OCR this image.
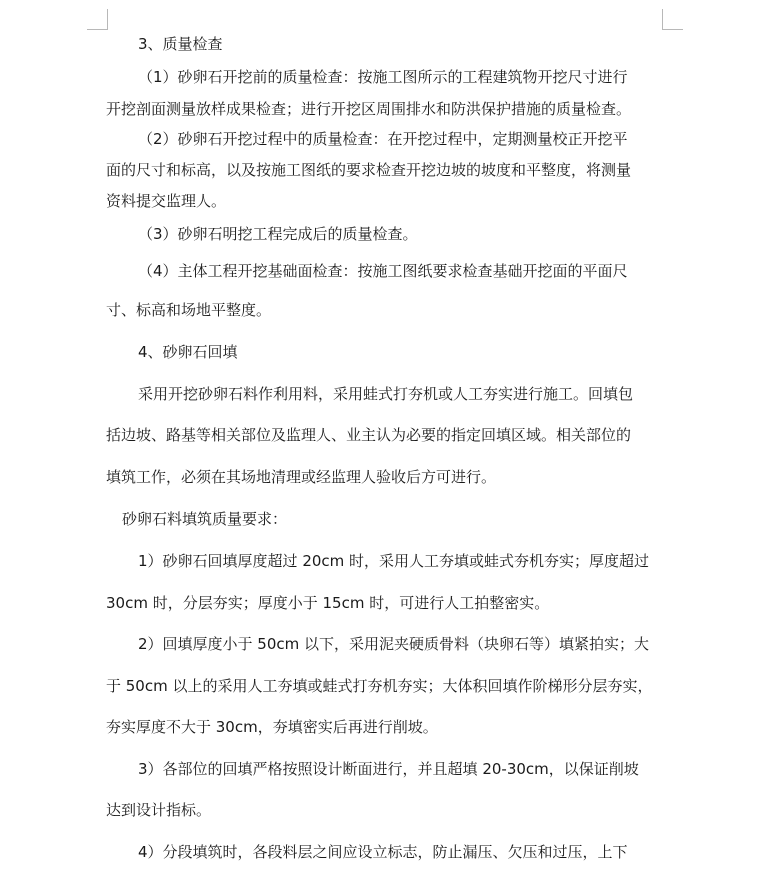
3、质量检查
（1）砂卵石开挖前的质量检查：按施工图所示的工程建筑物开挖尺寸进行
开挖剖面测量放样成果检查；进行开挖区周围排水和防洪保护措施的质量检查。
（2）砂卵石开挖过程中的质量检查：在开挖过程中，定期测量校正开挖平
面的尺寸和标高，以及按施工图纸的要求检查开挖边坡的坡度和平整度，将测量
资料提交监理人。
（3）砂卵石明挖工程完成后的质量检查。
（4）主体工程开挖基础面检查：按施工图纸要求检查基础开挖面的平面尺
寸、标高和场地平整度。
4、砂卵石回填
采用开挖砂卵石料作利用料，采用蛙式打夯机或人工夯实进行施工。回填包
括边坡、路基等相关部位及监理人、业主认为必要的指定回填区域。相关部位的
填筑工作，必须在其场地清理或经监理人验收后方可进行。
砂卵石料填筑质量要求：
1）砂卵石回填厚度超过 20cm 时，采用人工夯填或蛙式夯机夯实；厚度超过
30cm 时，分层夯实；厚度小于 15cm 时，可进行人工拍整密实。
2）回填厚度小于 50cm 以下，采用泥夹硬质骨料（块卵石等）填紧拍实；大
于 50cm 以上的采用人工夯填或蛙式打夯机夯实；大体积回填作阶梯形分层夯实，
夯实厚度不大于 30cm，夯填密实后再进行削坡。
3）各部位的回填严格按照设计断面进行，并且超填 20-30cm，以保证削坡
达到设计指标。
4）分段填筑时，各段料层之间应设立标志，防止漏压、欠压和过压，上下
